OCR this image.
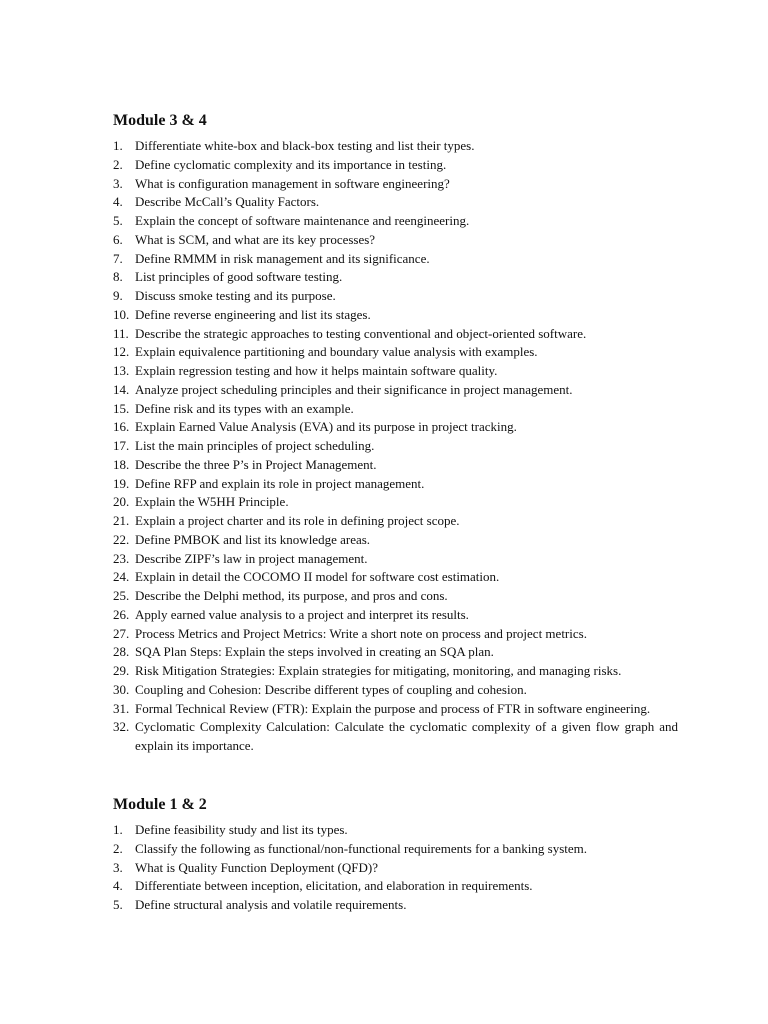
Module 3 & 4
1. Differentiate white-box and black-box testing and list their types.
2. Define cyclomatic complexity and its importance in testing.
3. What is configuration management in software engineering?
4. Describe McCall’s Quality Factors.
5. Explain the concept of software maintenance and reengineering.
6. What is SCM, and what are its key processes?
7. Define RMMM in risk management and its significance.
8. List principles of good software testing.
9. Discuss smoke testing and its purpose.
10. Define reverse engineering and list its stages.
11. Describe the strategic approaches to testing conventional and object-oriented software.
12. Explain equivalence partitioning and boundary value analysis with examples.
13. Explain regression testing and how it helps maintain software quality.
14. Analyze project scheduling principles and their significance in project management.
15. Define risk and its types with an example.
16. Explain Earned Value Analysis (EVA) and its purpose in project tracking.
17. List the main principles of project scheduling.
18. Describe the three P’s in Project Management.
19. Define RFP and explain its role in project management.
20. Explain the W5HH Principle.
21. Explain a project charter and its role in defining project scope.
22. Define PMBOK and list its knowledge areas.
23. Describe ZIPF’s law in project management.
24. Explain in detail the COCOMO II model for software cost estimation.
25. Describe the Delphi method, its purpose, and pros and cons.
26. Apply earned value analysis to a project and interpret its results.
27. Process Metrics and Project Metrics: Write a short note on process and project metrics.
28. SQA Plan Steps: Explain the steps involved in creating an SQA plan.
29. Risk Mitigation Strategies: Explain strategies for mitigating, monitoring, and managing risks.
30. Coupling and Cohesion: Describe different types of coupling and cohesion.
31. Formal Technical Review (FTR): Explain the purpose and process of FTR in software engineering.
32. Cyclomatic Complexity Calculation: Calculate the cyclomatic complexity of a given flow graph and explain its importance.
Module 1 & 2
1. Define feasibility study and list its types.
2. Classify the following as functional/non-functional requirements for a banking system.
3. What is Quality Function Deployment (QFD)?
4. Differentiate between inception, elicitation, and elaboration in requirements.
5. Define structural analysis and volatile requirements.
